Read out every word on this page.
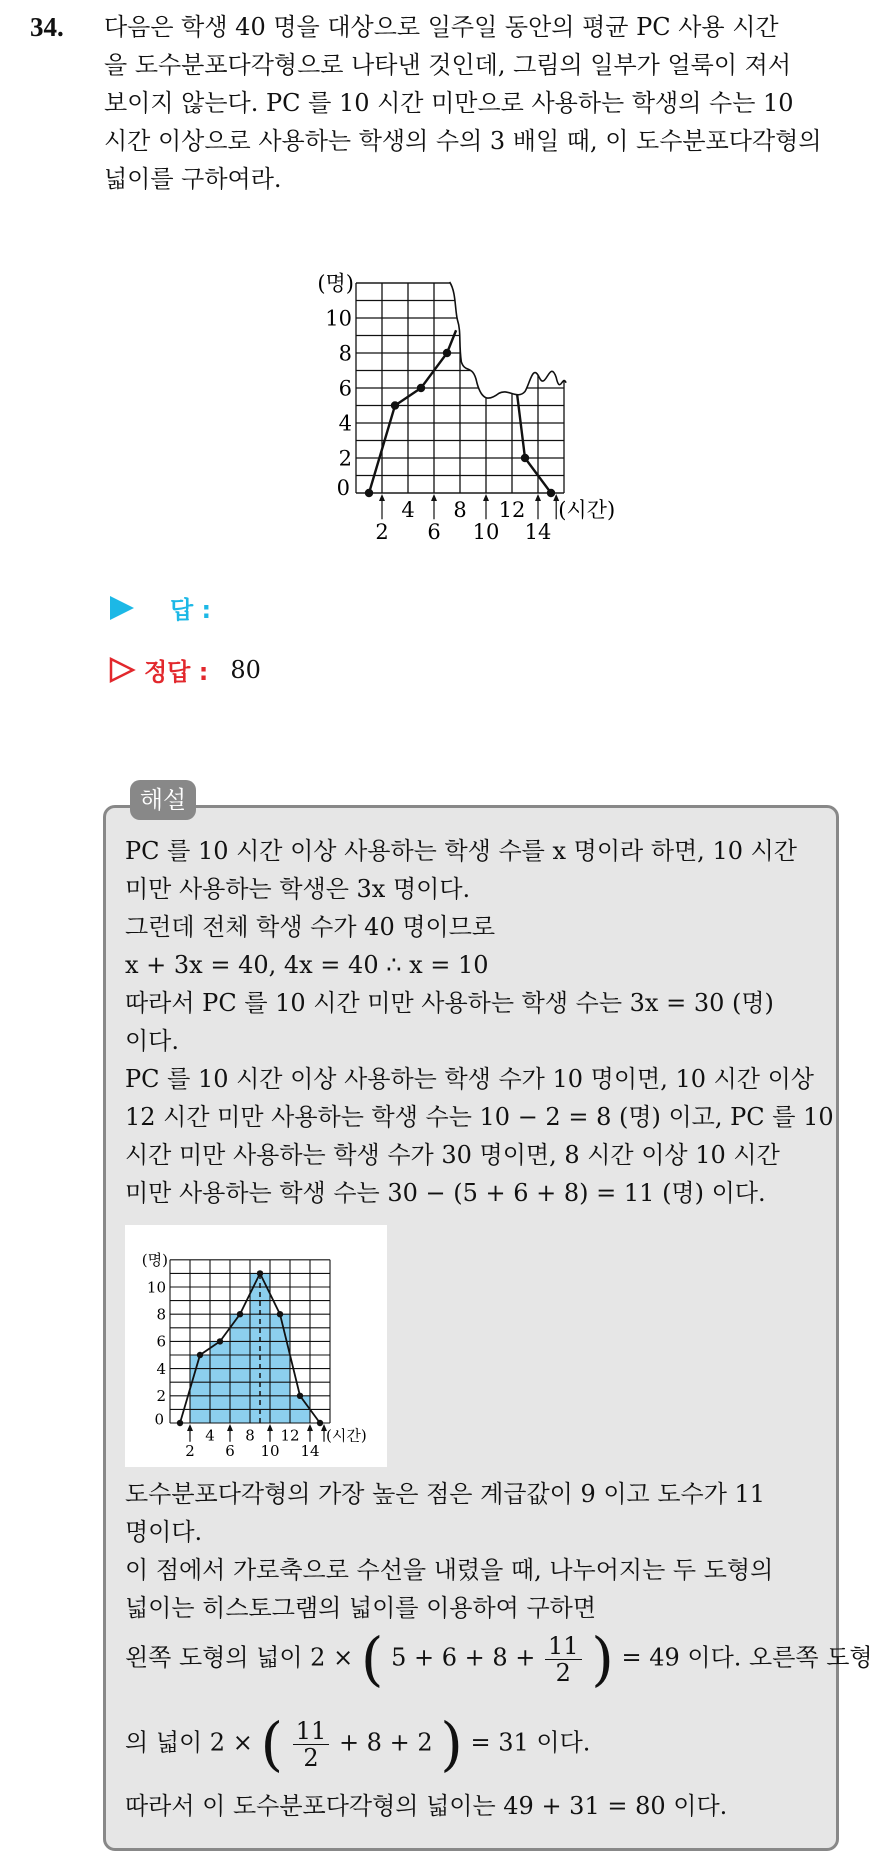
34. 다음은 학생 40 명을 대상으로 일주일 동안의 평균 PC 사용 시간
을 도수분포다각형으로 나타낸 것인데, 그림의 일부가 얼룩이 져서
보이지 않는다. PC 를 10 시간 미만으로 사용하는 학생의 수는 10
시간 이상으로 사용하는 학생의 수의 3 배일 때, 이 도수분포다각형의
넓이를 구하여라.
2
4
6
8
10
0
(명)
4 8 12
2 6 10 14
(시간)
답 :
정답 : 80
해설
PC 를 10 시간 이상 사용하는 학생 수를 x 명이라 하면, 10 시간
미만 사용하는 학생은 3x 명이다.
그런데 전체 학생 수가 40 명이므로
x + 3x = 40, 4x = 40 ∴ x = 10
따라서 PC 를 10 시간 미만 사용하는 학생 수는 3x = 30 (명)
이다.
PC 를 10 시간 이상 사용하는 학생 수가 10 명이면, 10 시간 이상
12 시간 미만 사용하는 학생 수는 10 − 2 = 8 (명) 이고, PC 를 10
시간 미만 사용하는 학생 수가 30 명이면, 8 시간 이상 10 시간
미만 사용하는 학생 수는 30 − (5 + 6 + 8) = 11 (명) 이다.
2
4
6
8
10
0
(명)
4 8 12
2 6 10 14
(시간)
도수분포다각형의 가장 높은 점은 계급값이 9 이고 도수가 11
명이다.
이 점에서 가로축으로 수선을 내렸을 때, 나누어지는 두 도형의
넓이는 히스토그램의 넓이를 이용하여 구하면
왼쪽 도형의 넓이 2 × ( $5 + 6 + 8 + \frac{11}{2}$ ) = 49 이다. 오른쪽 도형
의 넓이 2 × ( $\frac{11}{2} + 8 + 2$ ) = 31 이다.
따라서 이 도수분포다각형의 넓이는 49 + 31 = 80 이다.
